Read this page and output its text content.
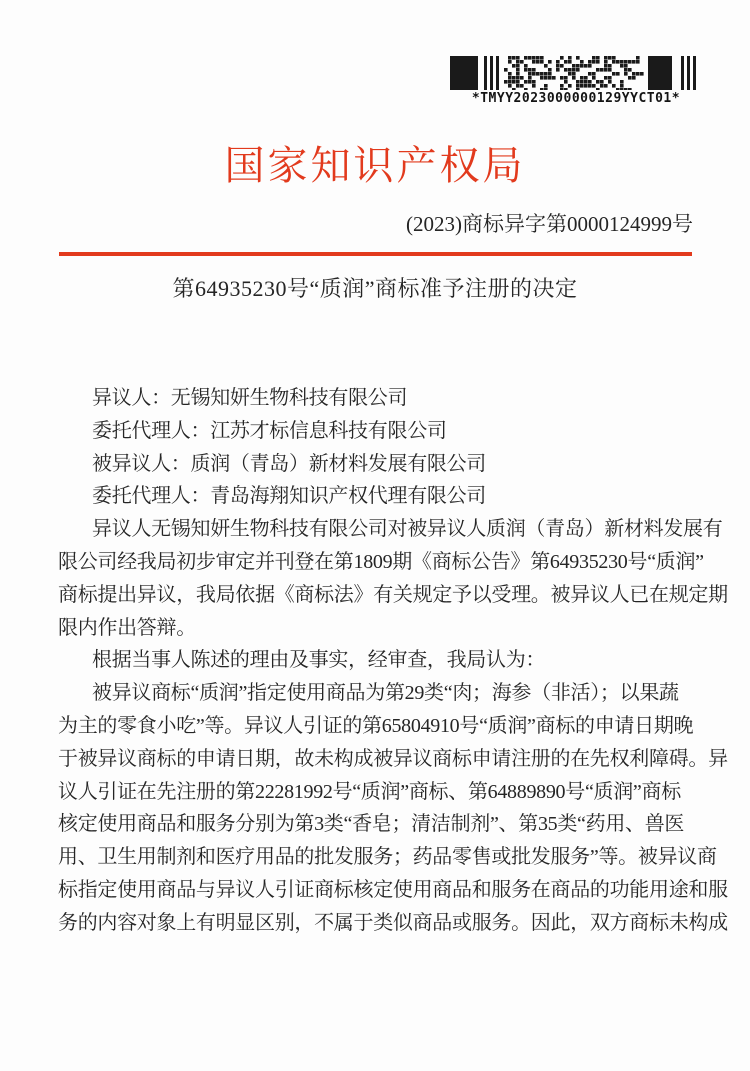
*TMYY2023000000129YYCT01*
国家知识产权局
(2023)商标异字第0000124999号
第64935230号“质润”商标准予注册的决定
异议人：无锡知妍生物科技有限公司
委托代理人：江苏才标信息科技有限公司
被异议人：质润（青岛）新材料发展有限公司
委托代理人：青岛海翔知识产权代理有限公司
异议人无锡知妍生物科技有限公司对被异议人质润（青岛）新材料发展有
限公司经我局初步审定并刊登在第1809期《商标公告》第64935230号“质润”
商标提出异议，我局依据《商标法》有关规定予以受理。被异议人已在规定期
限内作出答辩。
根据当事人陈述的理由及事实，经审查，我局认为：
被异议商标“质润”指定使用商品为第29类“肉；海参（非活）；以果蔬
为主的零食小吃”等。异议人引证的第65804910号“质润”商标的申请日期晚
于被异议商标的申请日期，故未构成被异议商标申请注册的在先权利障碍。异
议人引证在先注册的第22281992号“质润”商标、第64889890号“质润”商标
核定使用商品和服务分别为第3类“香皂；清洁制剂”、第35类“药用、兽医
用、卫生用制剂和医疗用品的批发服务；药品零售或批发服务”等。被异议商
标指定使用商品与异议人引证商标核定使用商品和服务在商品的功能用途和服
务的内容对象上有明显区别，不属于类似商品或服务。因此，双方商标未构成
